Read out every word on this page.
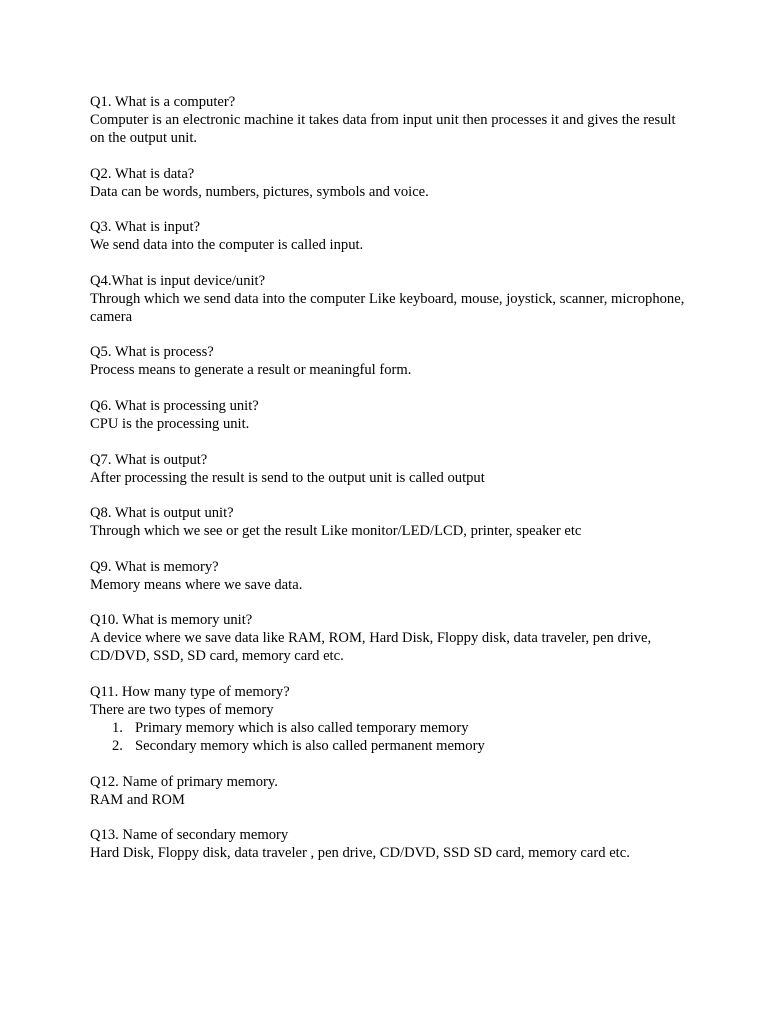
Q1. What is a computer?
Computer is an electronic machine it takes data from input unit then processes it and gives the result on the output unit.
Q2. What is data?
Data can be words, numbers, pictures, symbols and voice.
Q3. What is input?
We send data into the computer is called input.
Q4.What is input device/unit?
Through which we send data into the computer Like keyboard, mouse, joystick, scanner, microphone, camera
Q5. What is process?
Process means to generate a result or meaningful form.
Q6. What is processing unit?
CPU is the processing unit.
Q7. What is output?
After processing the result is send to the output unit is called output
Q8. What is output unit?
Through which we see or get the result Like monitor/LED/LCD, printer, speaker etc
Q9. What is memory?
Memory means where we save data.
Q10. What is memory unit?
A device where we save data like RAM, ROM, Hard Disk, Floppy disk, data traveler, pen drive, CD/DVD, SSD, SD card, memory card etc.
Q11. How many type of memory?
There are two types of memory
1. Primary memory which is also called temporary memory
2. Secondary memory which is also called permanent memory
Q12. Name of primary memory.
RAM and ROM
Q13. Name of secondary memory
Hard Disk, Floppy disk, data traveler , pen drive, CD/DVD, SSD SD card, memory card etc.
